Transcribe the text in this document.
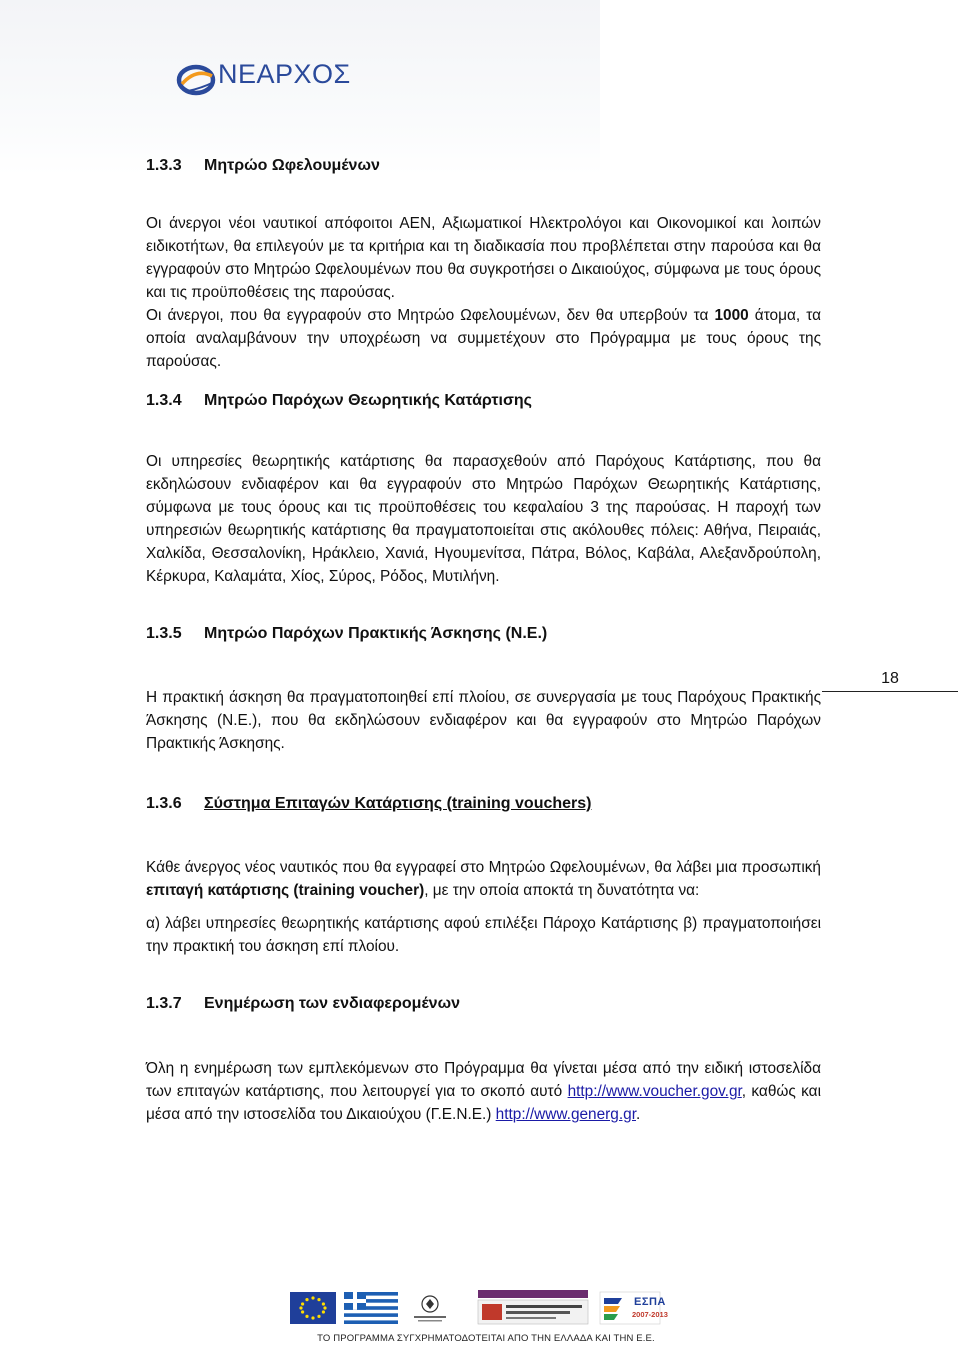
ΝΕΑΡΧΟΣ
1.3.3 Μητρώο Ωφελουμένων

Οι άνεργοι νέοι ναυτικοί απόφοιτοι ΑΕΝ, Αξιωματικοί Ηλεκτρολόγοι και Οικονομικοί και λοιπών ειδικοτήτων, θα επιλεγούν με τα κριτήρια και τη διαδικασία που προβλέπεται στην παρούσα και θα εγγραφούν στο Μητρώο Ωφελουμένων που θα συγκροτήσει ο Δικαιούχος, σύμφωνα με τους όρους και τις προϋποθέσεις της παρούσας.

Οι άνεργοι, που θα εγγραφούν στο Μητρώο Ωφελουμένων, δεν θα υπερβούν τα 1000 άτομα, τα οποία αναλαμβάνουν την υποχρέωση να συμμετέχουν στο Πρόγραμμα με τους όρους της παρούσας.

1.3.4 Μητρώο Παρόχων Θεωρητικής Κατάρτισης

Οι υπηρεσίες θεωρητικής κατάρτισης θα παρασχεθούν από Παρόχους Κατάρτισης, που θα εκδηλώσουν ενδιαφέρον και θα εγγραφούν στο Μητρώο Παρόχων Θεωρητικής Κατάρτισης, σύμφωνα με τους όρους και τις προϋποθέσεις του κεφαλαίου 3 της παρούσας. Η παροχή των υπηρεσιών θεωρητικής κατάρτισης θα πραγματοποιείται στις ακόλουθες πόλεις: Αθήνα, Πειραιάς, Χαλκίδα, Θεσσαλονίκη, Ηράκλειο, Χανιά, Ηγουμενίτσα, Πάτρα, Βόλος, Καβάλα, Αλεξανδρούπολη, Κέρκυρα, Καλαμάτα, Χίος, Σύρος, Ρόδος, Μυτιλήνη.

1.3.5 Μητρώο Παρόχων Πρακτικής Άσκησης (Ν.Ε.)

Η πρακτική άσκηση θα πραγματοποιηθεί επί πλοίου, σε συνεργασία με τους Παρόχους Πρακτικής Άσκησης (Ν.Ε.), που θα εκδηλώσουν ενδιαφέρον και θα εγγραφούν στο Μητρώο Παρόχων Πρακτικής Άσκησης.

1.3.6 Σύστημα Επιταγών Κατάρτισης (training vouchers)

Κάθε άνεργος νέος ναυτικός που θα εγγραφεί στο Μητρώο Ωφελουμένων, θα λάβει μια προσωπική επιταγή κατάρτισης (training voucher), με την οποία αποκτά τη δυνατότητα να:

α) λάβει υπηρεσίες θεωρητικής κατάρτισης αφού επιλέξει Πάροχο Κατάρτισης β) πραγματοποιήσει την πρακτική του άσκηση επί πλοίου.

1.3.7 Ενημέρωση των ενδιαφερομένων

Όλη η ενημέρωση των εμπλεκόμενων στο Πρόγραμμα θα γίνεται μέσα από την ειδική ιστοσελίδα των επιταγών κατάρτισης, που λειτουργεί για το σκοπό αυτό http://www.voucher.gov.gr, καθώς και μέσα από την ιστοσελίδα του Δικαιούχου (Γ.Ε.Ν.Ε.) http://www.generg.gr.

18
ΕΣΠΑ
2007-2013
ΤΟ ΠΡΟΓΡΑΜΜΑ ΣΥΓΧΡΗΜΑΤΟΔΟΤΕΙΤΑΙ ΑΠΟ ΤΗΝ ΕΛΛΑΔΑ ΚΑΙ ΤΗΝ Ε.Ε.
